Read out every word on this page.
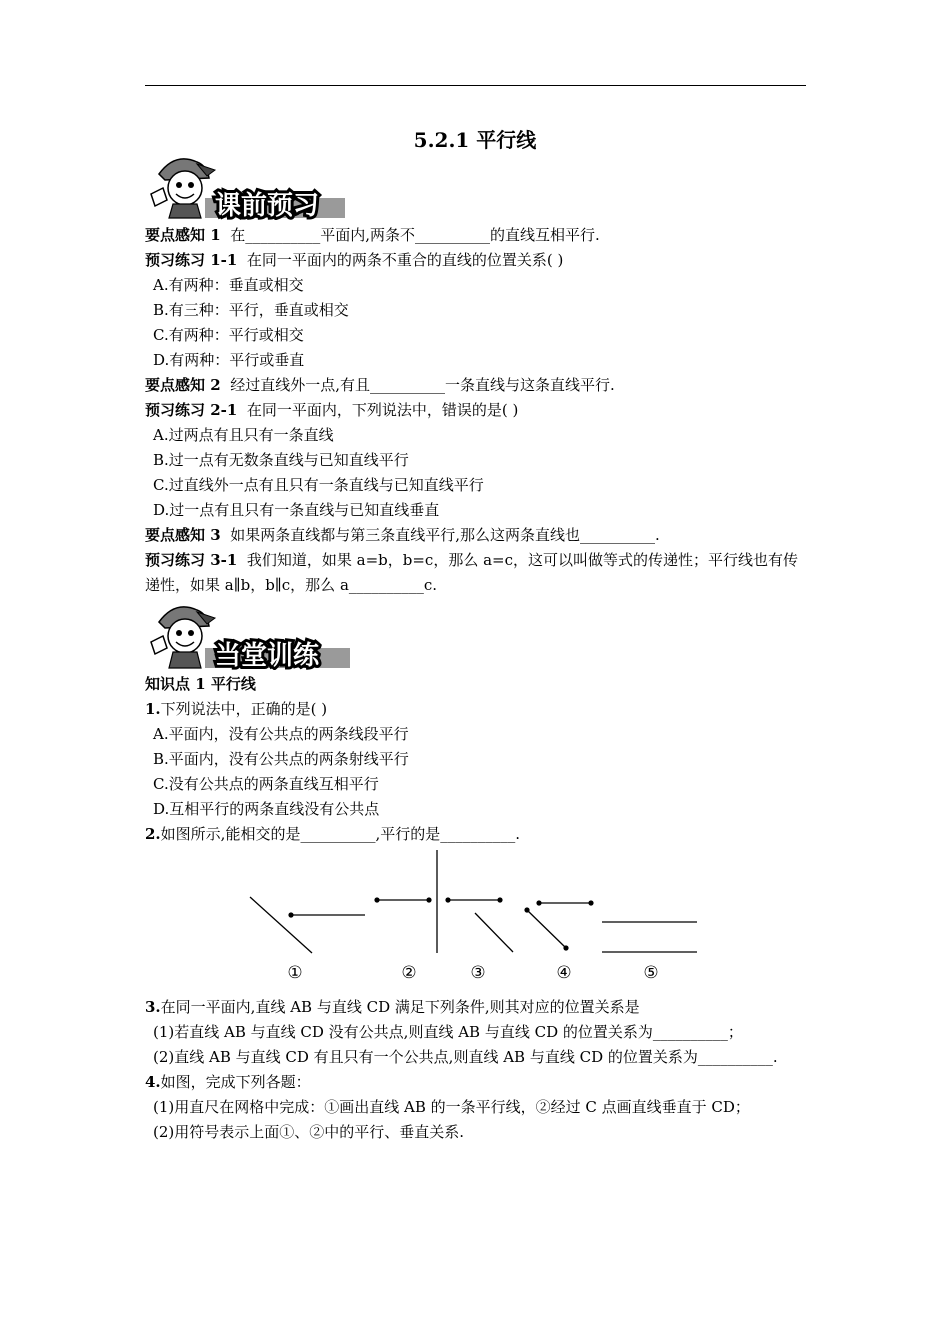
5.2.1 平行线
课前预习
要点感知 1 在__________平面内,两条不__________的直线互相平行.
预习练习 1-1 在同一平面内的两条不重合的直线的位置关系( )
A.有两种：垂直或相交
B.有三种：平行，垂直或相交
C.有两种：平行或相交
D.有两种：平行或垂直
要点感知 2 经过直线外一点,有且__________一条直线与这条直线平行.
预习练习 2-1 在同一平面内，下列说法中，错误的是( )
A.过两点有且只有一条直线
B.过一点有无数条直线与已知直线平行
C.过直线外一点有且只有一条直线与已知直线平行
D.过一点有且只有一条直线与已知直线垂直
要点感知 3 如果两条直线都与第三条直线平行,那么这两条直线也__________.
预习练习 3-1 我们知道，如果 a=b，b=c，那么 a=c，这可以叫做等式的传递性；平行线也有传递性，如果 a∥b，b∥c，那么 a__________c.
当堂训练
知识点 1 平行线
1.下列说法中，正确的是( )
A.平面内，没有公共点的两条线段平行
B.平面内，没有公共点的两条射线平行
C.没有公共点的两条直线互相平行
D.互相平行的两条直线没有公共点
2.如图所示,能相交的是__________,平行的是__________.
①	②	③	④	⑤
3.在同一平面内,直线 AB 与直线 CD 满足下列条件,则其对应的位置关系是
(1)若直线 AB 与直线 CD 没有公共点,则直线 AB 与直线 CD 的位置关系为__________；
(2)直线 AB 与直线 CD 有且只有一个公共点,则直线 AB 与直线 CD 的位置关系为__________.
4.如图，完成下列各题：
(1)用直尺在网格中完成：①画出直线 AB 的一条平行线，②经过 C 点画直线垂直于 CD；
(2)用符号表示上面①、②中的平行、垂直关系.
